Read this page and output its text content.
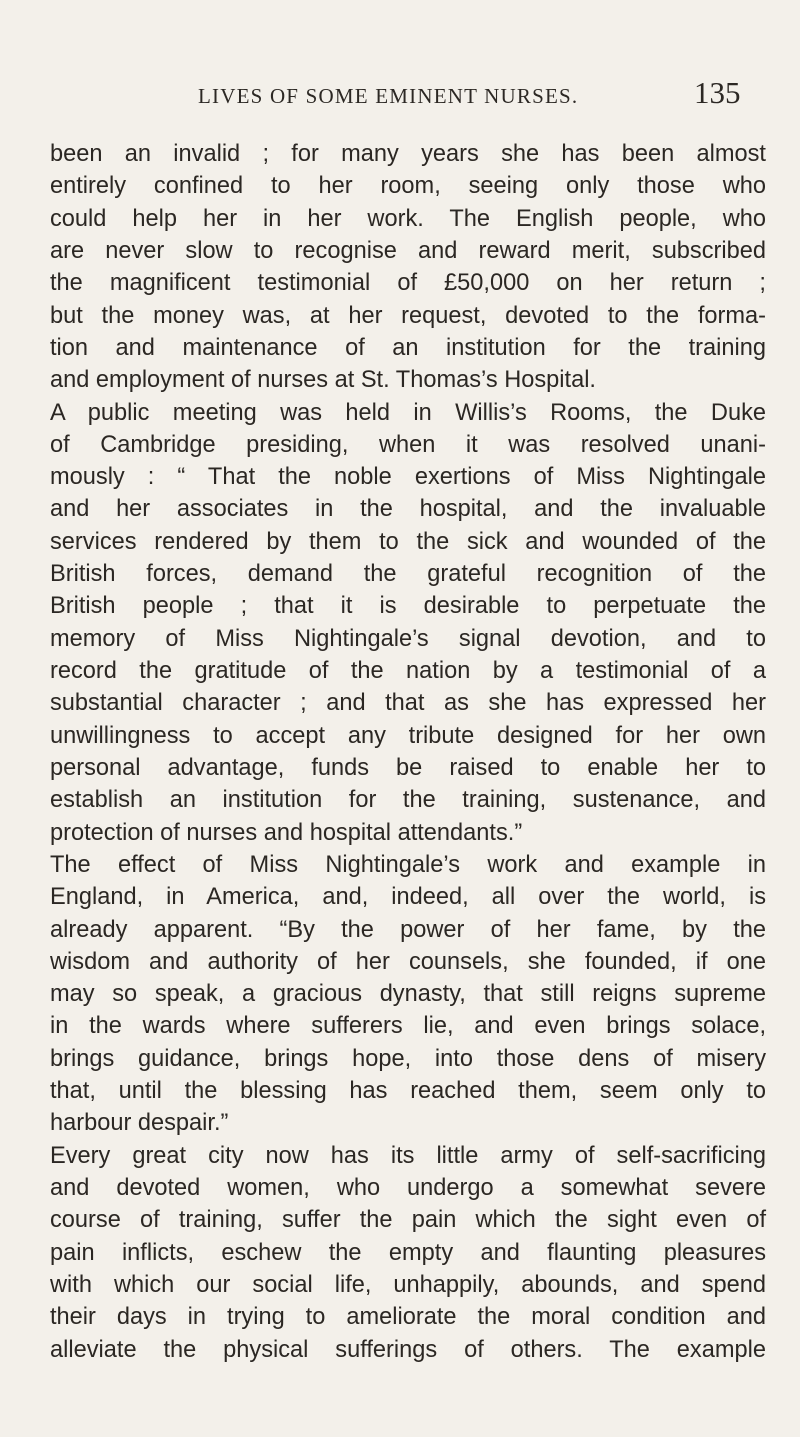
LIVES OF SOME EMINENT NURSES.	135
been an invalid ; for many years she has been almost
entirely confined to her room, seeing only those who
could help her in her work. The English people, who
are never slow to recognise and reward merit, subscribed
the magnificent testimonial of £50,000 on her return ;
but the money was, at her request, devoted to the forma-
tion and maintenance of an institution for the training
and employment of nurses at St. Thomas’s Hospital.
A public meeting was held in Willis’s Rooms, the Duke
of Cambridge presiding, when it was resolved unani-
mously : “ That the noble exertions of Miss Nightingale
and her associates in the hospital, and the invaluable
services rendered by them to the sick and wounded of the
British forces, demand the grateful recognition of the
British people ; that it is desirable to perpetuate the
memory of Miss Nightingale’s signal devotion, and to
record the gratitude of the nation by a testimonial of a
substantial character ; and that as she has expressed her
unwillingness to accept any tribute designed for her own
personal advantage, funds be raised to enable her to
establish an institution for the training, sustenance, and
protection of nurses and hospital attendants.”
The effect of Miss Nightingale’s work and example in
England, in America, and, indeed, all over the world, is
already apparent. “By the power of her fame, by the
wisdom and authority of her counsels, she founded, if one
may so speak, a gracious dynasty, that still reigns supreme
in the wards where sufferers lie, and even brings solace,
brings guidance, brings hope, into those dens of misery
that, until the blessing has reached them, seem only to
harbour despair.”
Every great city now has its little army of self-sacrificing
and devoted women, who undergo a somewhat severe
course of training, suffer the pain which the sight even of
pain inflicts, eschew the empty and flaunting pleasures
with which our social life, unhappily, abounds, and spend
their days in trying to ameliorate the moral condition and
alleviate the physical sufferings of others. The example
